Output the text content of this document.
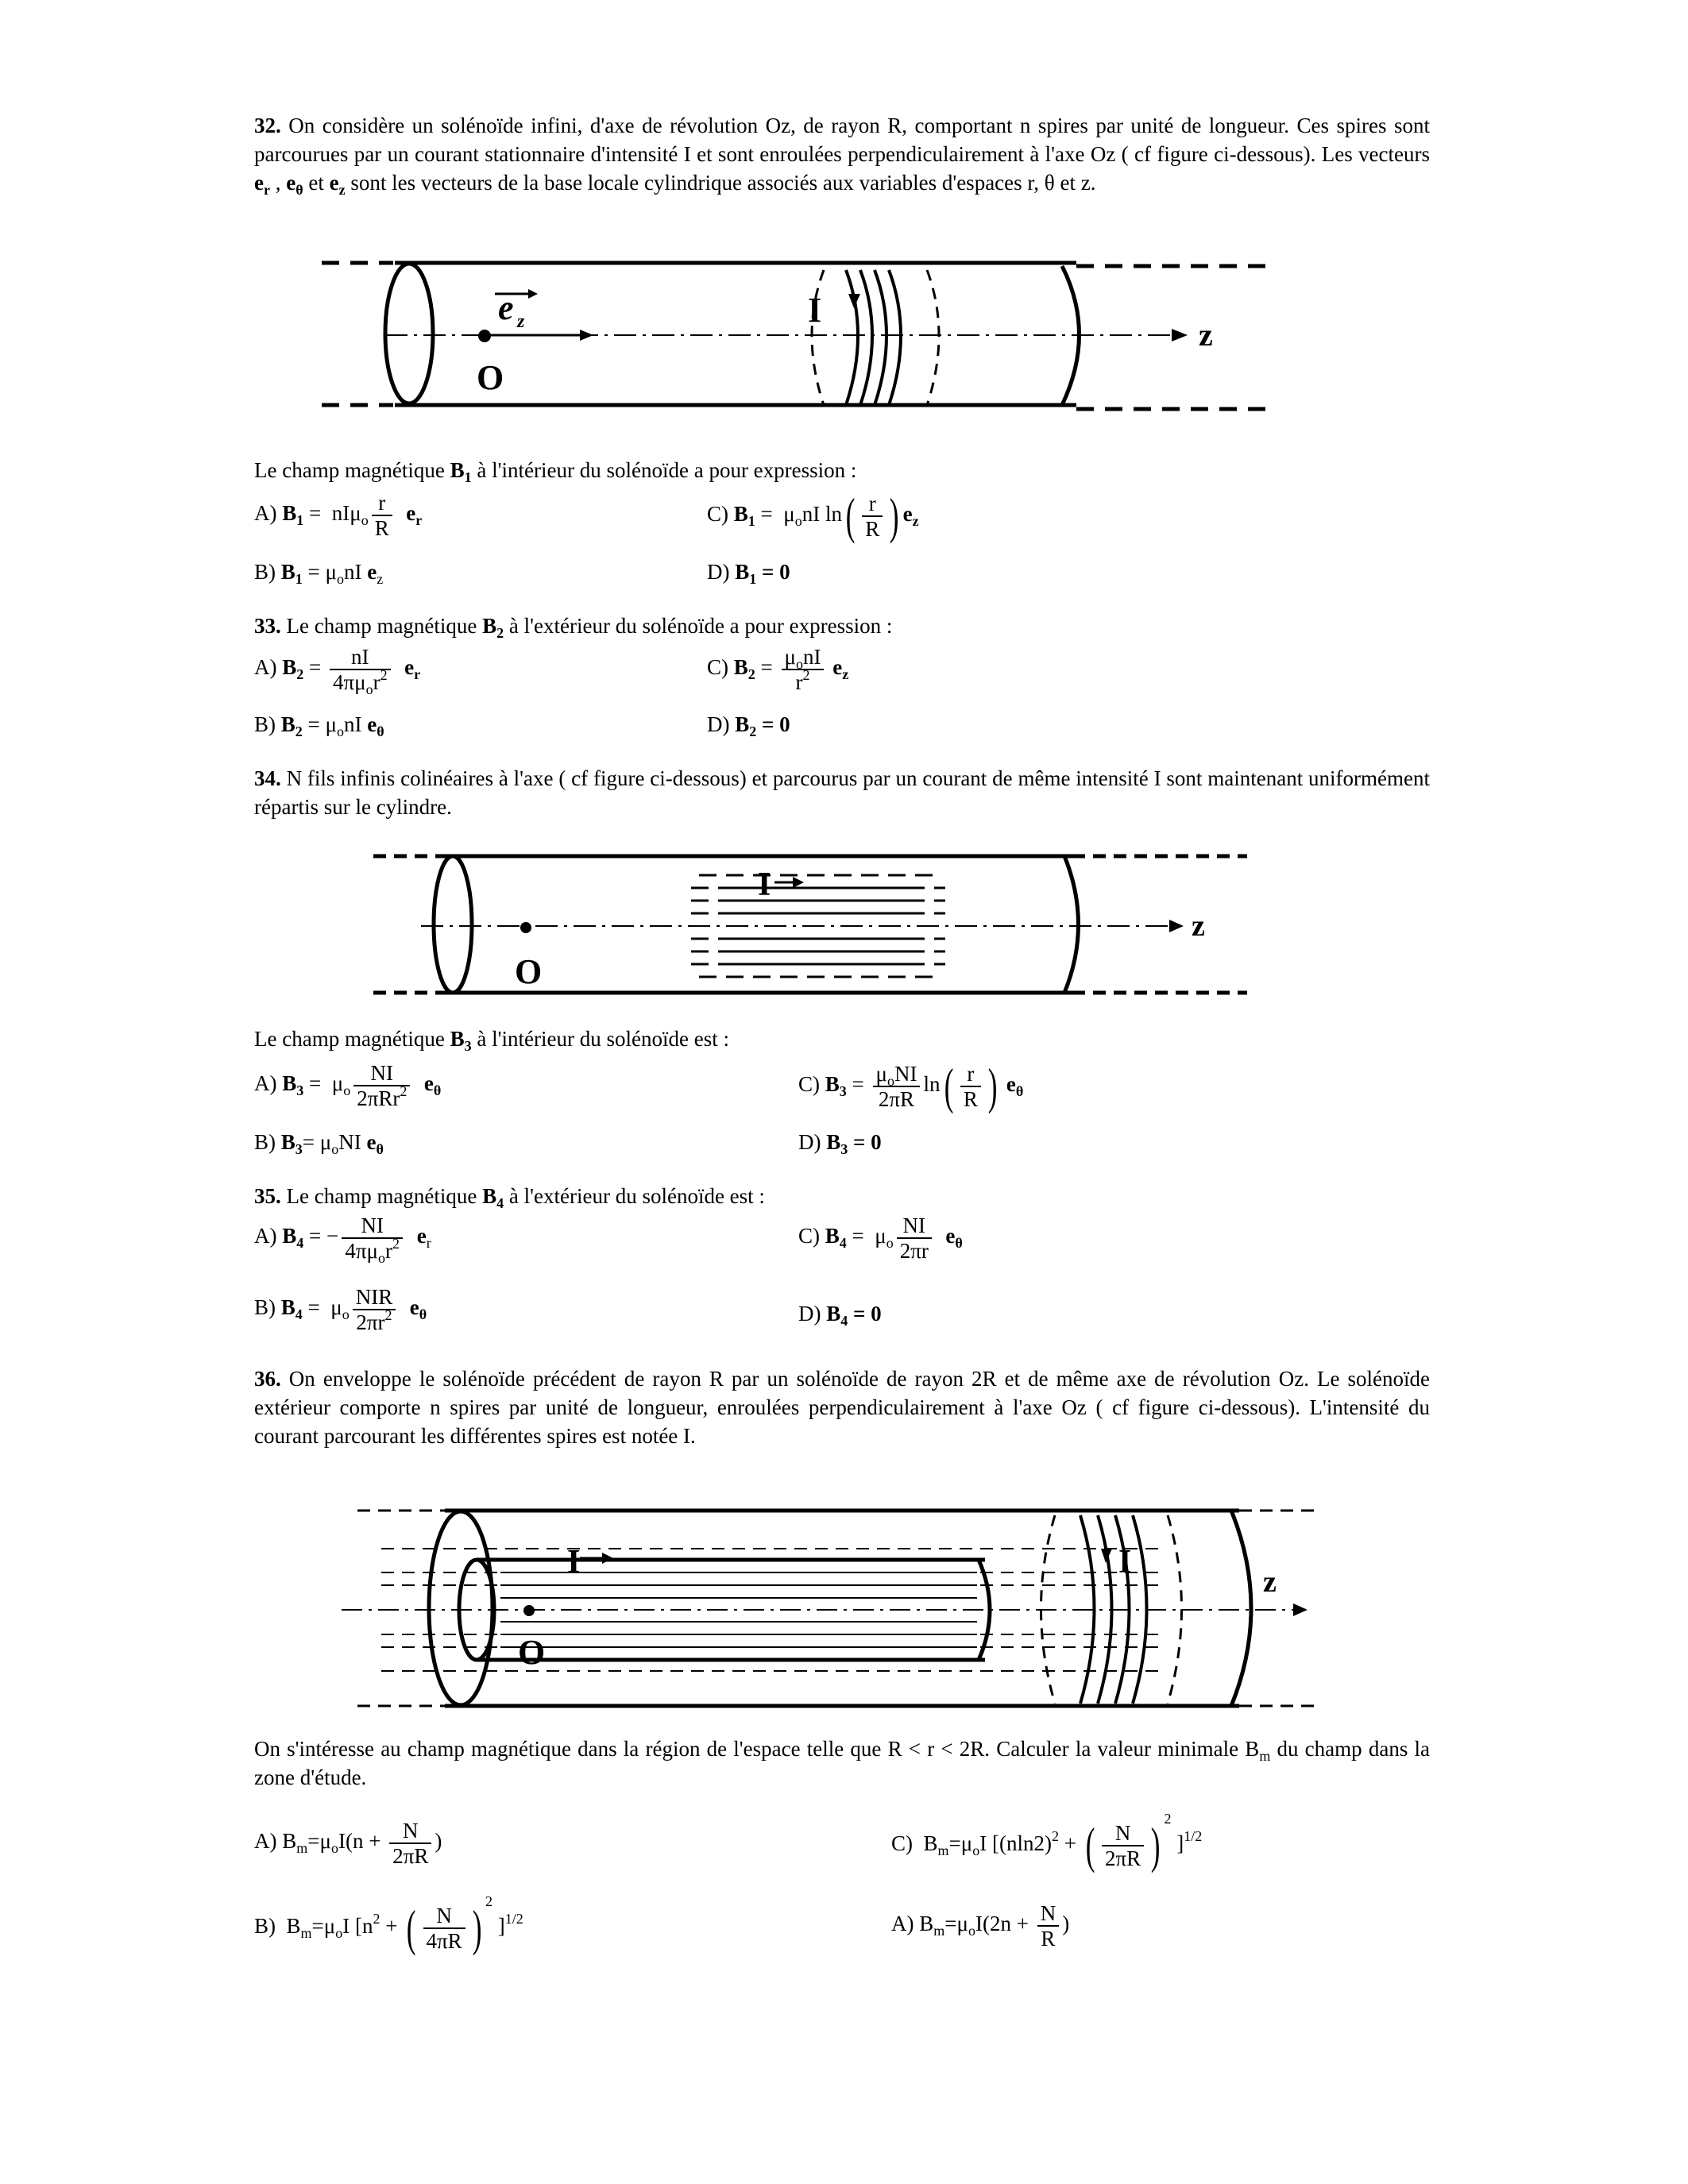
32. On considère un solénoïde infini, d'axe de révolution Oz, de rayon R, comportant n spires par unité de longueur. Ces spires sont parcourues par un courant stationnaire d'intensité I et sont enroulées perpendiculairement à l'axe Oz ( cf figure ci-dessous). Les vecteurs $e_r$ , $e_\theta$ et $e_z$ sont les vecteurs de la base locale cylindrique associés aux variables d'espaces r, θ et z.

e z	I
O
z
Le champ magnétique $B_1$ à l'intérieur du solénoïde a pour expression :
A) $B_1 = nI\mu_o \frac{r}{R} e_r$	C) $B_1 = \mu_onI$ $\ln( \frac{r}{R}$ ) $e_z$
B) $B_1 = \mu_onI$ $e_z$	D) $B_1 = 0$
33. Le champ magnétique $B_2$ à l'extérieur du solénoïde a pour expression :
A) $B_2 = \frac{nI}{4\pi\mu_or^2} e_r$	C) $B_2 = \frac{\mu_onI}{r^2} e_z$
B) $B_2 = \mu_onI$ $e_\theta$	D) $B_2 = 0$

34. N fils infinis colinéaires à l'axe ( cf figure ci-dessous) et parcourus par un courant de même intensité I sont maintenant uniformément répartis sur le cylindre.

I
O
z
Le champ magnétique $B_3$ à l'intérieur du solénoïde est :
A) $B_3 = \mu_o \frac{NI}{2\pi Rr^2} e_\theta$	C) $B_3 = \frac{\mu_oNI}{2\pi R} \ln( \frac{r}{R}$ ) $e_\theta$
B) $B_3= \mu_oNI$ $e_\theta$	D) $B_3 = 0$
35. Le champ magnétique $B_4$ à l'extérieur du solénoïde est :
A) $B_4$ = − $\frac{NI}{4\pi\mu_or^2} e_r$	C) $B_4 = \mu_o \frac{NI}{2\pi r} e_\theta$
B) $B_4 = \mu_o \frac{\text{NIR}}{2\pi r^2} e_\theta$	D) $B_4 = 0$

36. On enveloppe le solénoïde précédent de rayon R par un solénoïde de rayon 2R et de même axe de révolution Oz. Le solénoïde extérieur comporte n spires par unité de longueur, enroulées perpendiculairement à l'axe Oz ( cf figure ci-dessous). L'intensité du courant parcourant les différentes spires est notée I.

I	I
O
z

On s'intéresse au champ magnétique dans la région de l'espace telle que R < r < 2R. Calculer la valeur minimale $B_m$ du champ dans la zone d'étude.

A) $B_m=\mu_oI(n + \frac{N}{2\pi R}$ )	C)  $B_m=\mu_oI$ [$(nln2)^2$ + ( $\frac{N}{2\pi R}$ ) $^2$ ]$^{1/2}$
B)  $B_m=\mu_oI$ [$n^2$ + ( $\frac{N}{4\pi R}$ ) $^2$ ]$^{1/2}$	A) $B_m=\mu_oI(2n + \frac{N}{R}$ )
